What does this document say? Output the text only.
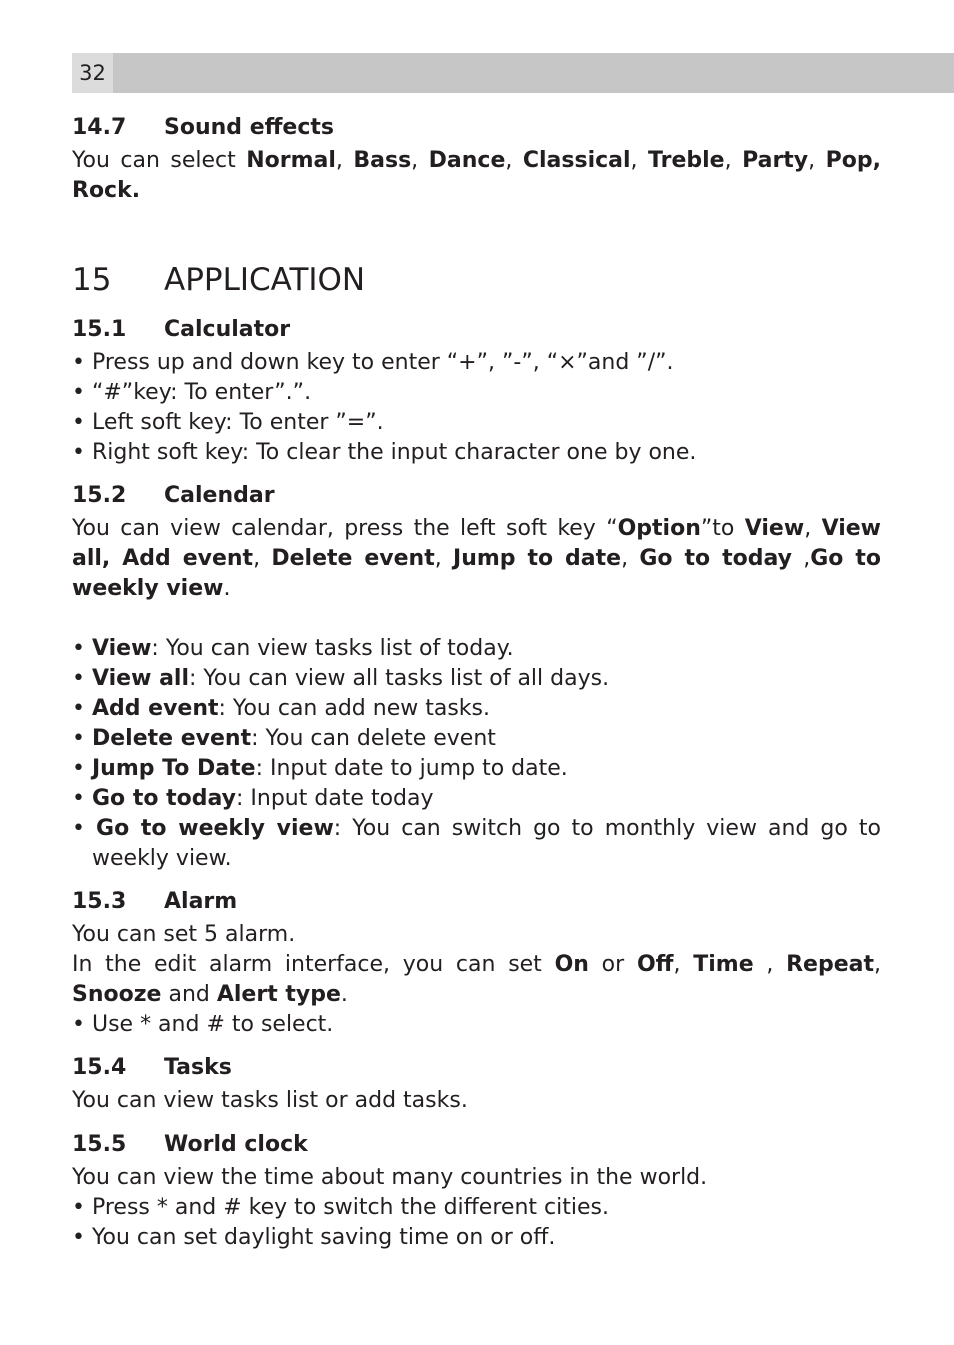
32
14.7 Sound effects

You can select Normal, Bass, Dance, Classical, Treble, Party, Pop, Rock.

15 APPLICATION
15.1 Calculator

• Press up and down key to enter “+”, ”-”, “×”and ”/”.

• “#”key: To enter”.”.

• Left soft key: To enter ”=”.

• Right soft key: To clear the input character one by one.

15.2 Calendar

You can view calendar, press the left soft key “Option”to View, View all, Add event, Delete event, Jump to date, Go to today ,Go to weekly view.

• View: You can view tasks list of today.

• View all: You can view all tasks list of all days.

• Add event: You can add new tasks.

• Delete event: You can delete event

• Jump To Date: Input date to jump to date.

• Go to today: Input date today

• Go to weekly view: You can switch go to monthly view and go to weekly view.

15.3 Alarm

You can set 5 alarm.

In the edit alarm interface, you can set On or Off, Time , Repeat, Snooze and Alert type.

• Use * and # to select.

15.4 Tasks

You can view tasks list or add tasks.

15.5 World clock

You can view the time about many countries in the world.

• Press * and # key to switch the different cities.

• You can set daylight saving time on or off.
